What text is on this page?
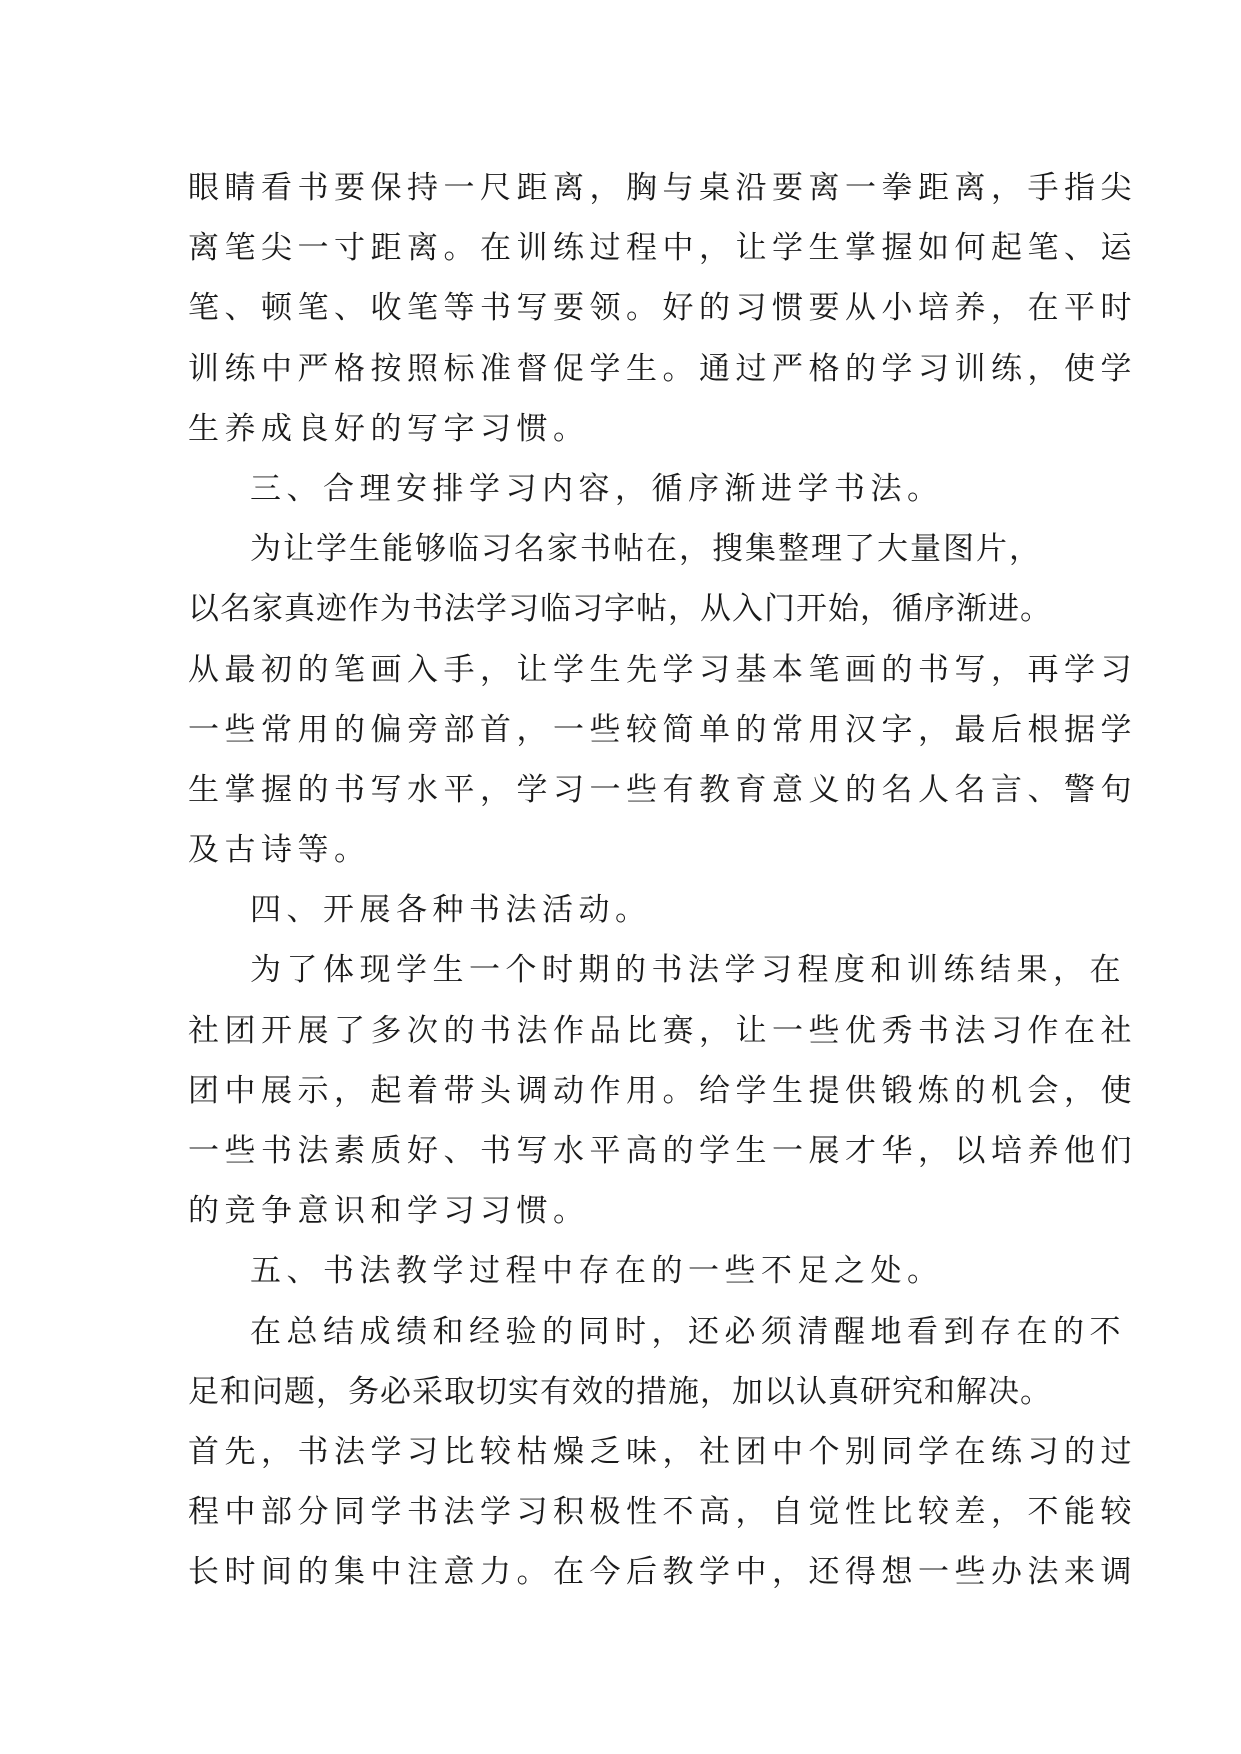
眼睛看书要保持一尺距离，胸与桌沿要离一拳距离，手指尖
离笔尖一寸距离。在训练过程中，让学生掌握如何起笔、运
笔、顿笔、收笔等书写要领。好的习惯要从小培养，在平时
训练中严格按照标准督促学生。通过严格的学习训练，使学
生养成良好的写字习惯。
三、合理安排学习内容，循序渐进学书法。
为让学生能够临习名家书帖在，搜集整理了大量图片，
以名家真迹作为书法学习临习字帖，从入门开始，循序渐进。
从最初的笔画入手，让学生先学习基本笔画的书写，再学习
一些常用的偏旁部首，一些较简单的常用汉字，最后根据学
生掌握的书写水平，学习一些有教育意义的名人名言、警句
及古诗等。
四、开展各种书法活动。
为了体现学生一个时期的书法学习程度和训练结果，在
社团开展了多次的书法作品比赛，让一些优秀书法习作在社
团中展示，起着带头调动作用。给学生提供锻炼的机会，使
一些书法素质好、书写水平高的学生一展才华，以培养他们
的竞争意识和学习习惯。
五、书法教学过程中存在的一些不足之处。
在总结成绩和经验的同时，还必须清醒地看到存在的不
足和问题，务必采取切实有效的措施，加以认真研究和解决。
首先，书法学习比较枯燥乏味，社团中个别同学在练习的过
程中部分同学书法学习积极性不高，自觉性比较差，不能较
长时间的集中注意力。在今后教学中，还得想一些办法来调
